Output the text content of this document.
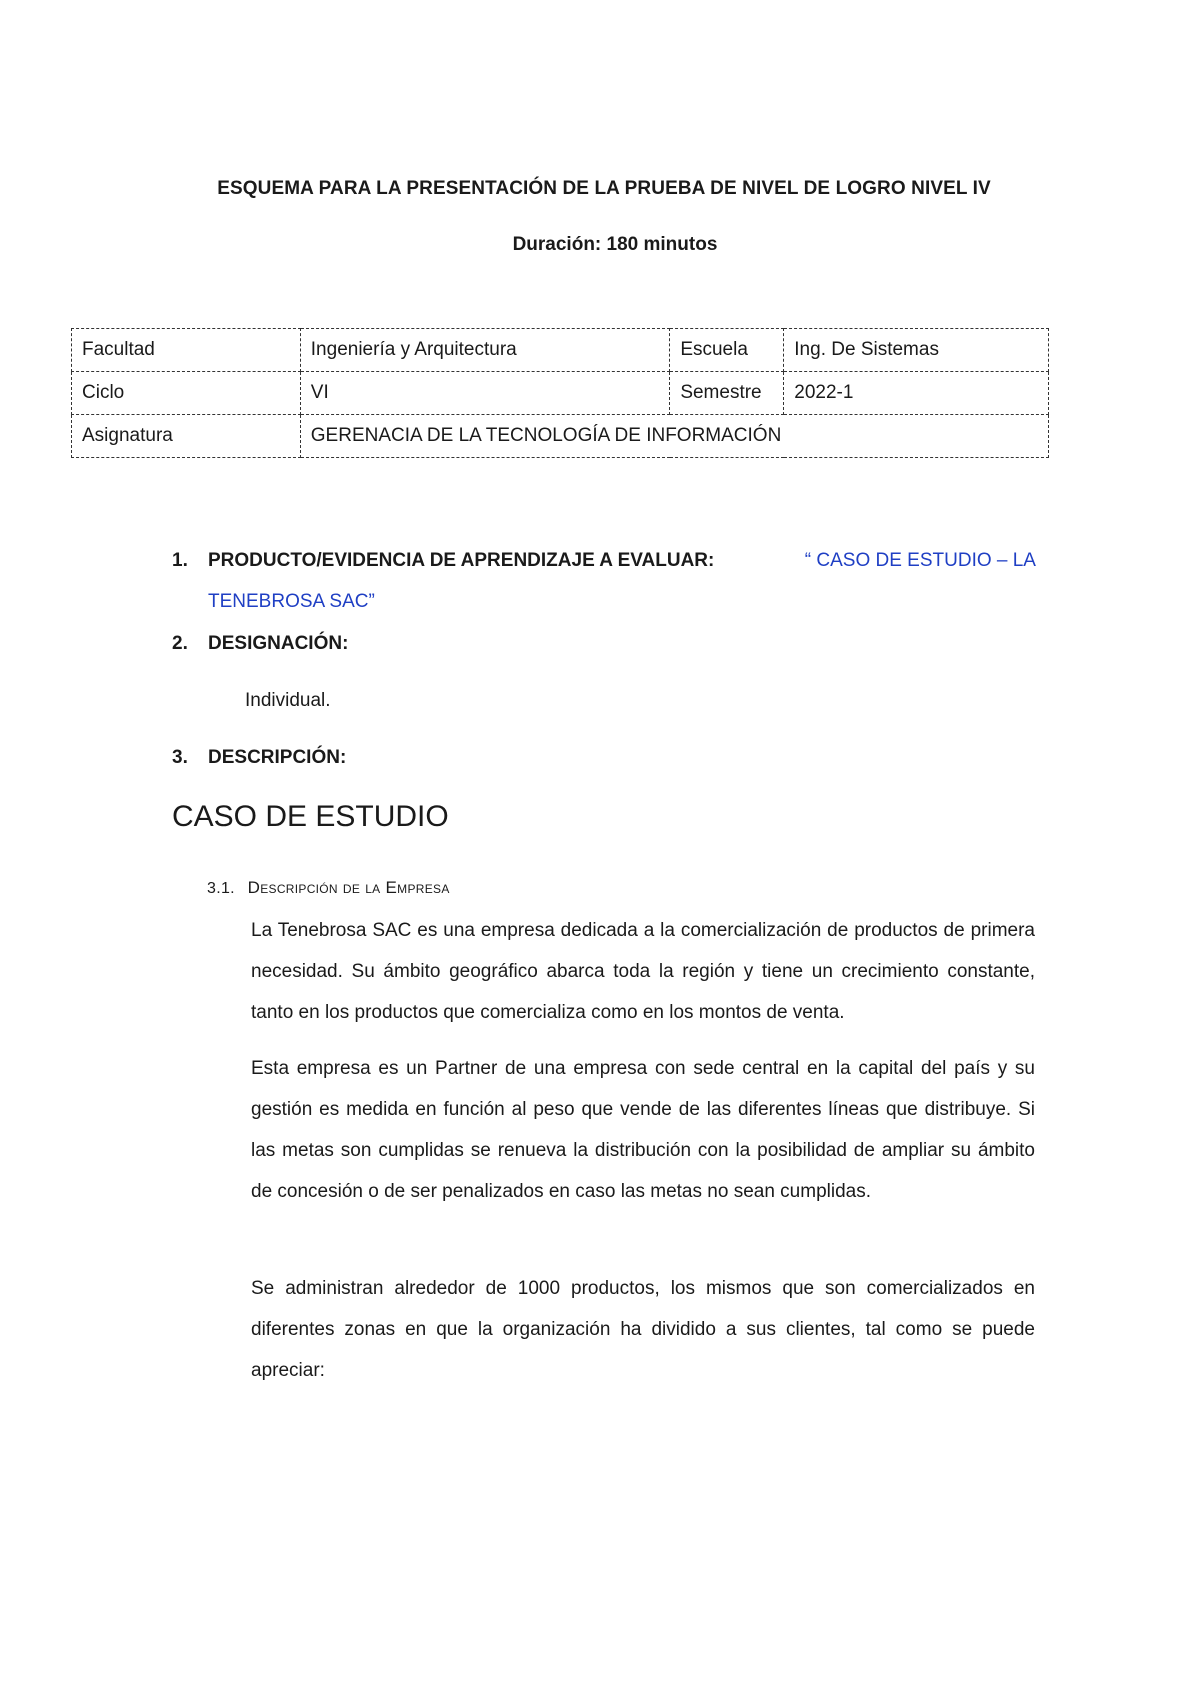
ESQUEMA PARA LA PRESENTACIÓN DE LA PRUEBA DE NIVEL DE LOGRO NIVEL IV
Duración: 180 minutos
Facultad	Ingeniería y Arquitectura	Escuela	Ing. De Sistemas
Ciclo	VI	Semestre	2022-1
Asignatura	GERENACIA DE LA TECNOLOGÍA DE INFORMACIÓN		
1.	PRODUCTO/EVIDENCIA DE APRENDIZAJE A EVALUAR:	“ CASO DE ESTUDIO – LA
TENEBROSA SAC”
2.	DESIGNACIÓN:
Individual.
3.	DESCRIPCIÓN:
CASO DE ESTUDIO
3.1. Descripción de la Empresa
La Tenebrosa SAC es una empresa dedicada a la comercialización de productos de primera necesidad. Su ámbito geográfico abarca toda la región y tiene un crecimiento constante, tanto en los productos que comercializa como en los montos de venta.
Esta empresa es un Partner de una empresa con sede central en la capital del país y su gestión es medida en función al peso que vende de las diferentes líneas que distribuye. Si las metas son cumplidas se renueva la distribución con la posibilidad de ampliar su ámbito de concesión o de ser penalizados en caso las metas no sean cumplidas.
Se administran alrededor de 1000 productos, los mismos que son comercializados en diferentes zonas en que la organización ha dividido a sus clientes, tal como se puede apreciar:
